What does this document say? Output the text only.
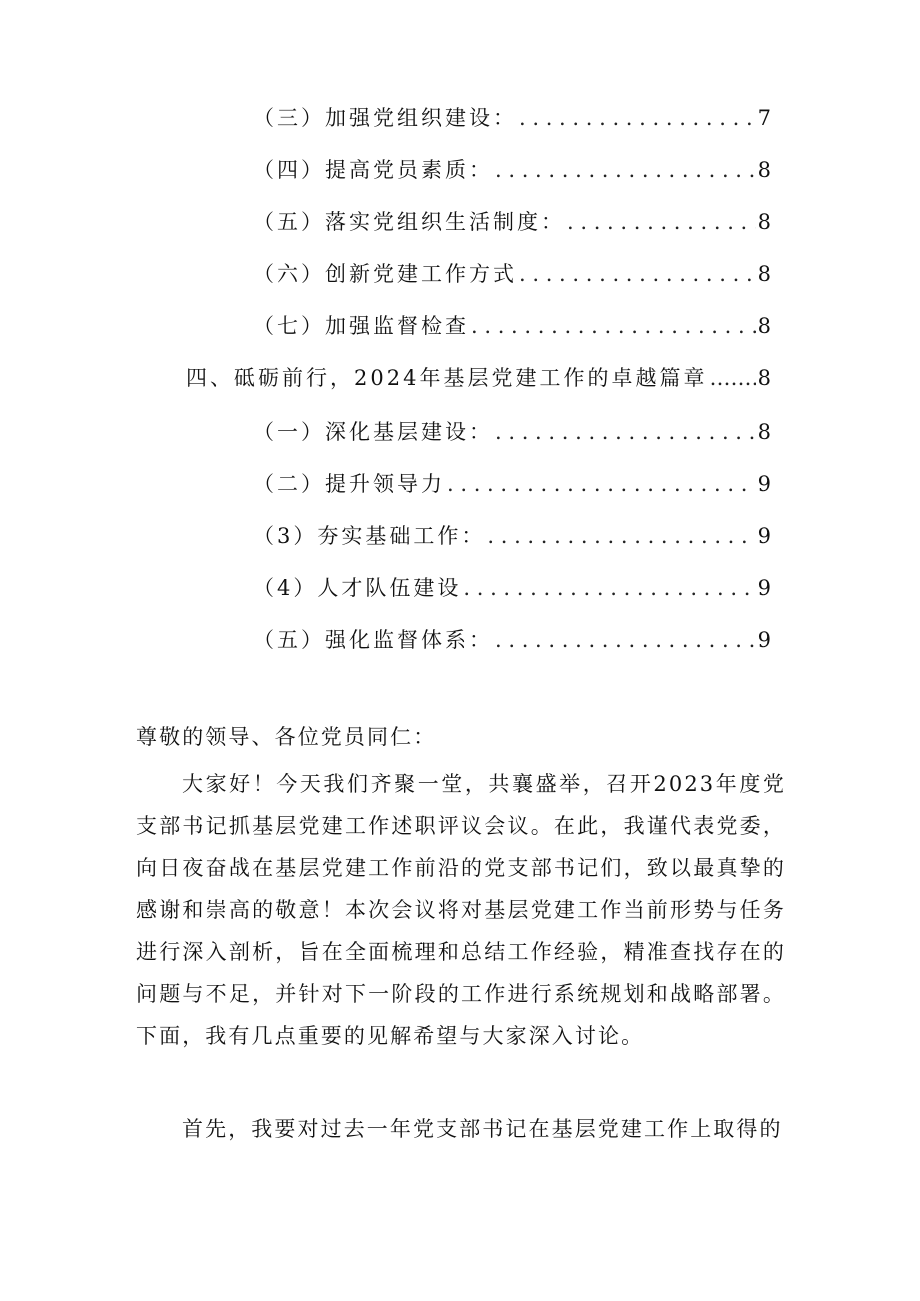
（三）加强党组织建设： . . .	7
（四）提高党员素质： . . .	8
（五）落实党组织生活制度： . . .	8
（六）创新党建工作方式 . . .	8
（七）加强监督检查 . . .	8
四、砥砺前行，2024年基层党建工作的卓越篇章 ……………………………………… 8
（一）深化基层建设： . . .	8
（二）提升领导力 . . .	9
（3）夯实基础工作： . . .	9
（4）人才队伍建设 . . .	9
（五）强化监督体系： . . .	9
尊敬的领导、各位党员同仁：
大家好！今天我们齐聚一堂，共襄盛举，召开2023年度党支部书记抓基层党建工作述职评议会议。在此，我谨代表党委，向日夜奋战在基层党建工作前沿的党支部书记们，致以最真挚的感谢和崇高的敬意！本次会议将对基层党建工作当前形势与任务进行深入剖析，旨在全面梳理和总结工作经验，精准查找存在的问题与不足，并针对下一阶段的工作进行系统规划和战略部署。下面，我有几点重要的见解希望与大家深入讨论。
首先，我要对过去一年党支部书记在基层党建工作上取得的
